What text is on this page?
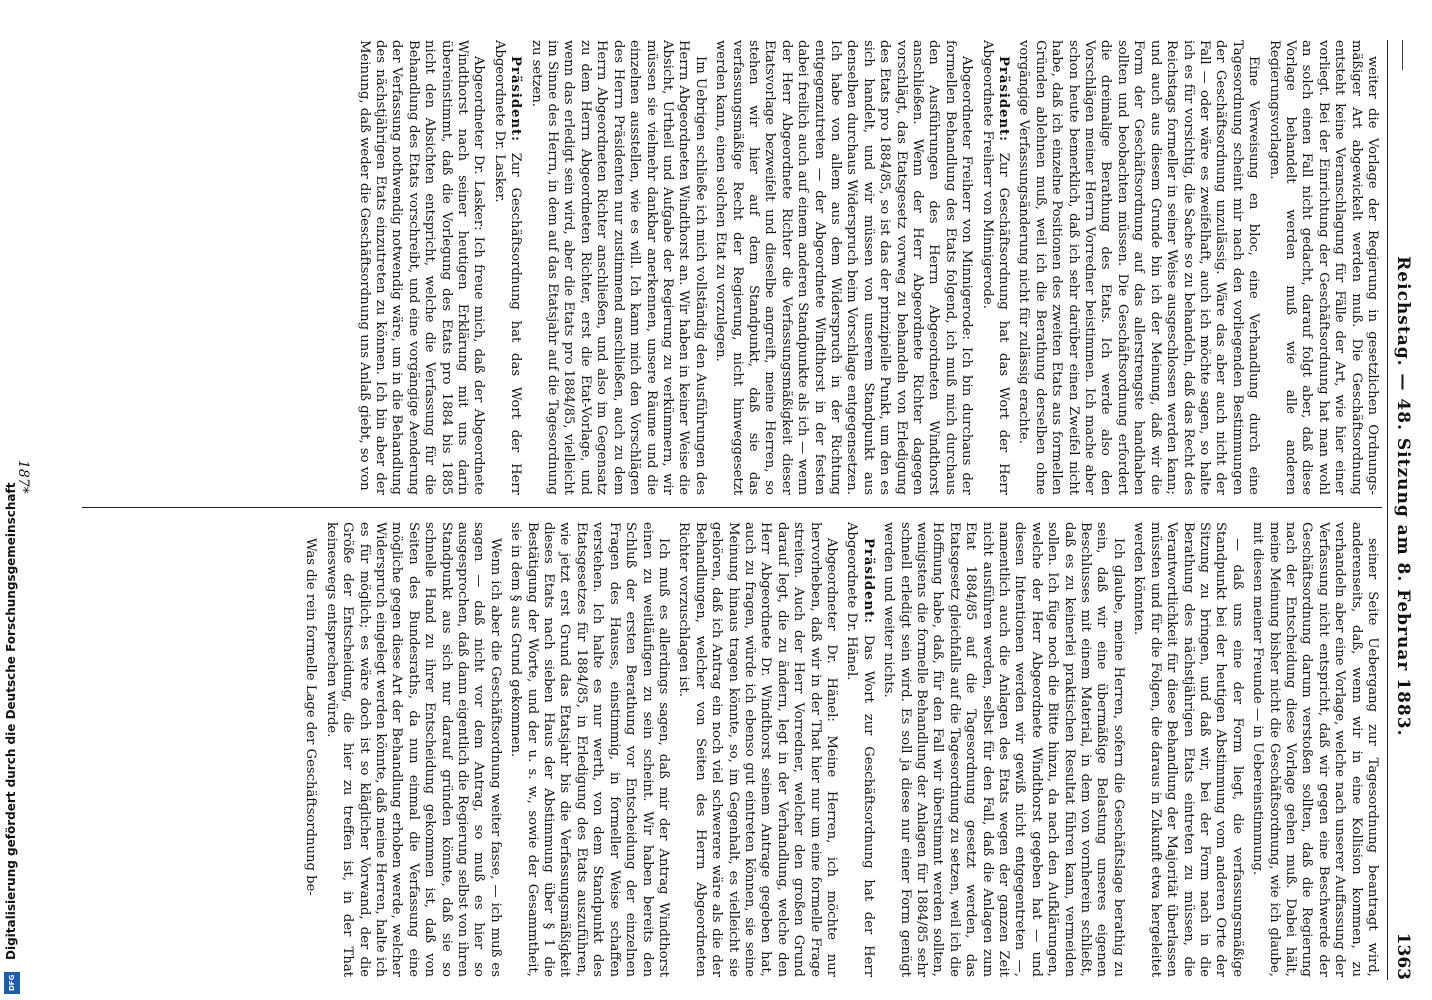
Reichstag. — 48. Sitzung am 8. Februar 1883.
1363

weiter die Vorlage der Regierung in gesetzlichen Ordnungs-mäßiger Art abgewickelt werden muß. Die Geschäftsordnung entsteht keine Veranschlagung für Fälle der Art, wie hier einer vorliegt. Bei der Einrichtung der Geschäftsordnung hat man wohl an solch einen Fall nicht gedacht, darauf folgt aber, daß diese Vorlage behandelt werden muß wie alle anderen Regierungsvorlagen.

Eine Verweisung en bloc, eine Verhandlung durch eine Tagesordnung scheint mir nach den vorliegenden Bestimmungen der Geschäftsordnung unzulässig. Wäre das aber auch nicht der Fall — oder wäre es zweifelhaft, auch ich möchte sagen, so halte ich es für vorsichtig, die Sache so zu behandeln, daß das Recht des Reichstags formeller in seiner Weise ausgeschlossen werden kann; und auch aus diesem Grunde bin ich der Meinung, daß wir die Form der Geschäftsordnung auf das allerstrengste handhaben sollten und beobachten müssen. Die Geschäftsordnung erfordert die dreimalige Berathung des Etats. Ich werde also den Vorschlägen meiner Herrn Vorredner beistimmen. Ich mache aber schon heute bemerklich, daß ich sehr darüber einen Zweifel nicht habe, daß ich einzelne Positionen des zweiten Etats aus formellen Gründen ablehnen muß, weil ich die Berathung derselben ohne vorgängige Verfassungsänderung nicht für zulässig erachte.

Präsident: Zur Geschäftsordnung hat das Wort der Herr Abgeordnete Freiherr von Minnigerode.

Abgeordneter Freiherr von Minnigerode: Ich bin durchaus der formellen Behandlung des Etats folgend, ich muß mich durchaus den Ausführungen des Herrn Abgeordneten Windthorst anschließen. Wenn der Herr Abgeordnete Richter dagegen vorschlägt, das Etatsgesetz vorweg zu behandeln von Erledigung des Etats pro 1884/85, so ist das der prinzipielle Punkt, um den es sich handelt, und wir müssen von unserem Standpunkt aus denselben durchaus Widerspruch beim Vorschlage entgegensetzen. Ich habe von allem aus dem Widerspruch in der Richtung entgegenzutreten — der Abgeordnete Windthorst in der festen dabei freilich auch auf einem anderen Standpunkte als ich — wenn der Herr Abgeordnete Richter die Verfassungsmäßigkeit dieser Etatsvorlage bezweifelt und dieselbe angreift, meine Herren, so stehen wir hier auf dem Standpunkt, daß sie das verfassungsmäßige Recht der Regierung, nicht hinweggesetzt werden kann, einen solchen Etat zu vorzulegen.

Im Uebrigen schließe ich mich vollständig den Ausführungen des Herrn Abgeordneten Windthorst an. Wir haben in keiner Weise die Absicht, Urtheil und Aufgabe der Regierung zu verkümmern, wir müssen sie vielmehr dankbar anerkennen, unsere Räume und die einzelnen ausstellen, wie es will. Ich kann mich den Vorschlägen des Herrn Präsidenten nur zustimmend anschließen, auch zu dem Herrn Abgeordneten Richter anschließen, und also im Gegensatz zu dem Herrn Abgeordneten Richter, erst die Etat-Vorlage, und wenn das erledigt sein wird, aber die Etats pro 1884/85, vielleicht im Sinne des Herrn, in dem auf das Etatsjahr auf die Tagesordnung zu setzen.

Präsident: Zur Geschäftsordnung hat das Wort der Herr Abgeordnete Dr. Lasker.

Abgeordneter Dr. Lasker: Ich freue mich, daß der Abgeordnete Windthorst nach seiner heutigen Erklärung mit uns darin übereinstimmt, daß die Vorlegung des Etats pro 1884 bis 1885 nicht den Absichten entspricht, welche die Verfassung für die Behandlung des Etats vorschreibt, und eine vorgängige Aenderung der Verfassung nothwendig notwendig wäre, um in die Behandlung des nächstjährigen Etats einzutreten zu können. Ich bin aber der Meinung, daß weder die Geschäftsordnung uns Anlaß giebt, so von

seiner Seite Uebergang zur Tagesordnung beantragt wird, anderenseits, daß, wenn wir in eine Kollision kommen, zu verhandeln aber eine Vorlage, welche nach unserer Auffassung der Verfassung nicht entspricht, daß wir gegen eine Beschwerde der Geschäftsordnung darum verstoßen sollten, daß die Regierung nach der Entscheidung diese Vorlage gehen muß. Dabei hält, meine Meinung bisher nicht die Geschäftsordnung, wie ich glaube, mit diesen meiner Freunde — in Uebereinstimmung.

— daß uns eine der Form liegt, die verfassungsmäßige Standpunkt bei der heutigen Abstimmung vom anderen Orte der Sitzung zu bringen, und daß wir, bei der Form nach in die Berathung des nächstjährigen Etats eintreten zu müssen, die Verantwortlichkeit für diese Behandlung der Majorität überlassen müssten und für die Folgen, die daraus in Zukunft etwa hergeleitet werden könnten.

Ich glaube, meine Herren, sofern die Geschäftslage berathig zu sein, daß wir eine übermäßige Belastung unseres eigenen Beschlusses mit einem Material, in dem von vornherein schließt, daß es zu keinerlei praktischen Resultat führen kann, vermeiden sollen. Ich füge noch die Bitte hinzu, da nach den Aufklärungen, welche der Herr Abgeordnete Windthorst gegeben hat — und diesen Intentionen werden wir gewiß nicht entgegentreten —, namentlich auch die Anlagen des Etats wegen der ganzen Zeit nicht ausführen werden, selbst für den Fall, daß die Anlagen zum Etat 1884/85 auf die Tagesordnung gesetzt werden, das Etatsgesetz gleichfalls auf die Tagesordnung zu setzen, weil ich die Hoffnung habe, daß, für den Fall wir überstimmt werden sollten, wenigstens die formelle Behandlung der Anlagen für 1884/85 sehr schnell erledigt sein wird. Es soll ja diese nur einer Form genügt werden und weiter nichts.

Präsident: Das Wort zur Geschäftsordnung hat der Herr Abgeordnete Dr. Hänel.

Abgeordneter Dr. Hänel: Meine Herren, ich möchte nur hervorheben, daß wir in der That hier nur um eine formelle Frage streiten. Auch der Herr Vorredner, welcher den großen Grund darauf legt, die zu ändern, legt in der Verhandlung, welche den Herr Abgeordnete Dr. Windthorst seinem Antrage gegeben hat, auch zu fragen, würde ich ebenso gut eintreten können, sie seine Meinung hinaus tragen könnte, so, im Gegenhalt, es vielleicht sie gehören, daß ich Antrag ein noch viel schwerere wäre als die der Behandlungen, welcher von Seiten des Herrn Abgeordneten Richter vorzuschlagen ist.

Ich muß es allerdings sagen, daß mir der Antrag Windthorst einen zu weitläufigen zu sein scheint. Wir haben bereits den Schluß der ersten Berathung vor Entscheidung der einzelnen Fragen des Hauses, einstimmig, in formeller Weise schaffen verstehen. Ich halte es nur werth, von dem Standpunkt des Etatsgesetzes für 1884/85, in Erledigung des Etats auszuführen, wie jetzt erst Grund das Etatsjahr bis die Verfassungsmäßigkeit dieses Etats nach sieben Haus der Abstimmung über § 1 die Bestätigung der Worte, und der u. s. w., sowie der Gesammtheit, sie in dem § aus Grund gekommen.

Wenn ich aber die Geschäftsordnung weiter fasse, — ich muß es sagen — daß nicht vor dem Antrag, so muß es hier so ausgesprochen, daß dann eigentlich die Regierung selbst von ihren Standpunkt aus sich nur darauf gründen könnte, daß sie so schnelle Hand zu ihrer Entscheidung gekommen ist, daß von Seiten des Bundesraths, da nun einmal die Verfassung eine mögliche gegen diese Art der Behandlung erhoben werde, welcher Widerspruch eingelegt werden könnte, daß meine Herren, halte ich es für möglich; es wäre doch ist so kläglicher Vorwand, der die Größe der Entscheidung, die hier zu treffen ist, in der That keineswegs entsprechen würde.

Was die rein formelle Lage der Geschäftsordnung be-

187*
Digitalisierung gefördert durch die Deutsche Forschungsgemeinschaft
DFG
